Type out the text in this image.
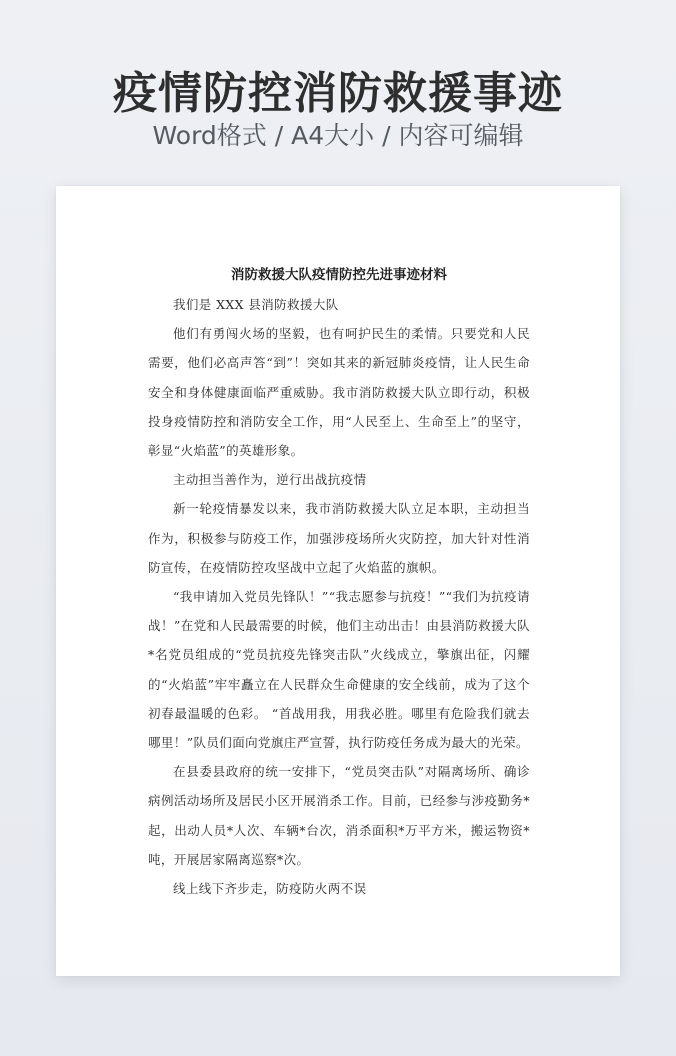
疫情防控消防救援事迹
Word格式 / A4大小 / 内容可编辑

消防救援大队疫情防控先进事迹材料

我们是 XXX 县消防救援大队

他们有勇闯火场的坚毅，也有呵护民生的柔情。只要党和人民需要，他们必高声答“到”！突如其来的新冠肺炎疫情，让人民生命安全和身体健康面临严重威胁。我市消防救援大队立即行动，积极投身疫情防控和消防安全工作，用“人民至上、生命至上”的坚守，彰显“火焰蓝”的英雄形象。

主动担当善作为，逆行出战抗疫情

新一轮疫情暴发以来，我市消防救援大队立足本职，主动担当作为，积极参与防疫工作，加强涉疫场所火灾防控，加大针对性消防宣传，在疫情防控攻坚战中立起了火焰蓝的旗帜。

“我申请加入党员先锋队！”“我志愿参与抗疫！”“我们为抗疫请战！”在党和人民最需要的时候，他们主动出击！由县消防救援大队*名党员组成的“党员抗疫先锋突击队”火线成立，擎旗出征，闪耀的“火焰蓝”牢牢矗立在人民群众生命健康的安全线前，成为了这个初春最温暖的色彩。 “首战用我，用我必胜。哪里有危险我们就去哪里！”队员们面向党旗庄严宣誓，执行防疫任务成为最大的光荣。

在县委县政府的统一安排下，“党员突击队”对隔离场所、确诊病例活动场所及居民小区开展消杀工作。目前，已经参与涉疫勤务*起，出动人员*人次、车辆*台次，消杀面积*万平方米，搬运物资*吨，开展居家隔离巡察*次。

线上线下齐步走，防疫防火两不误
